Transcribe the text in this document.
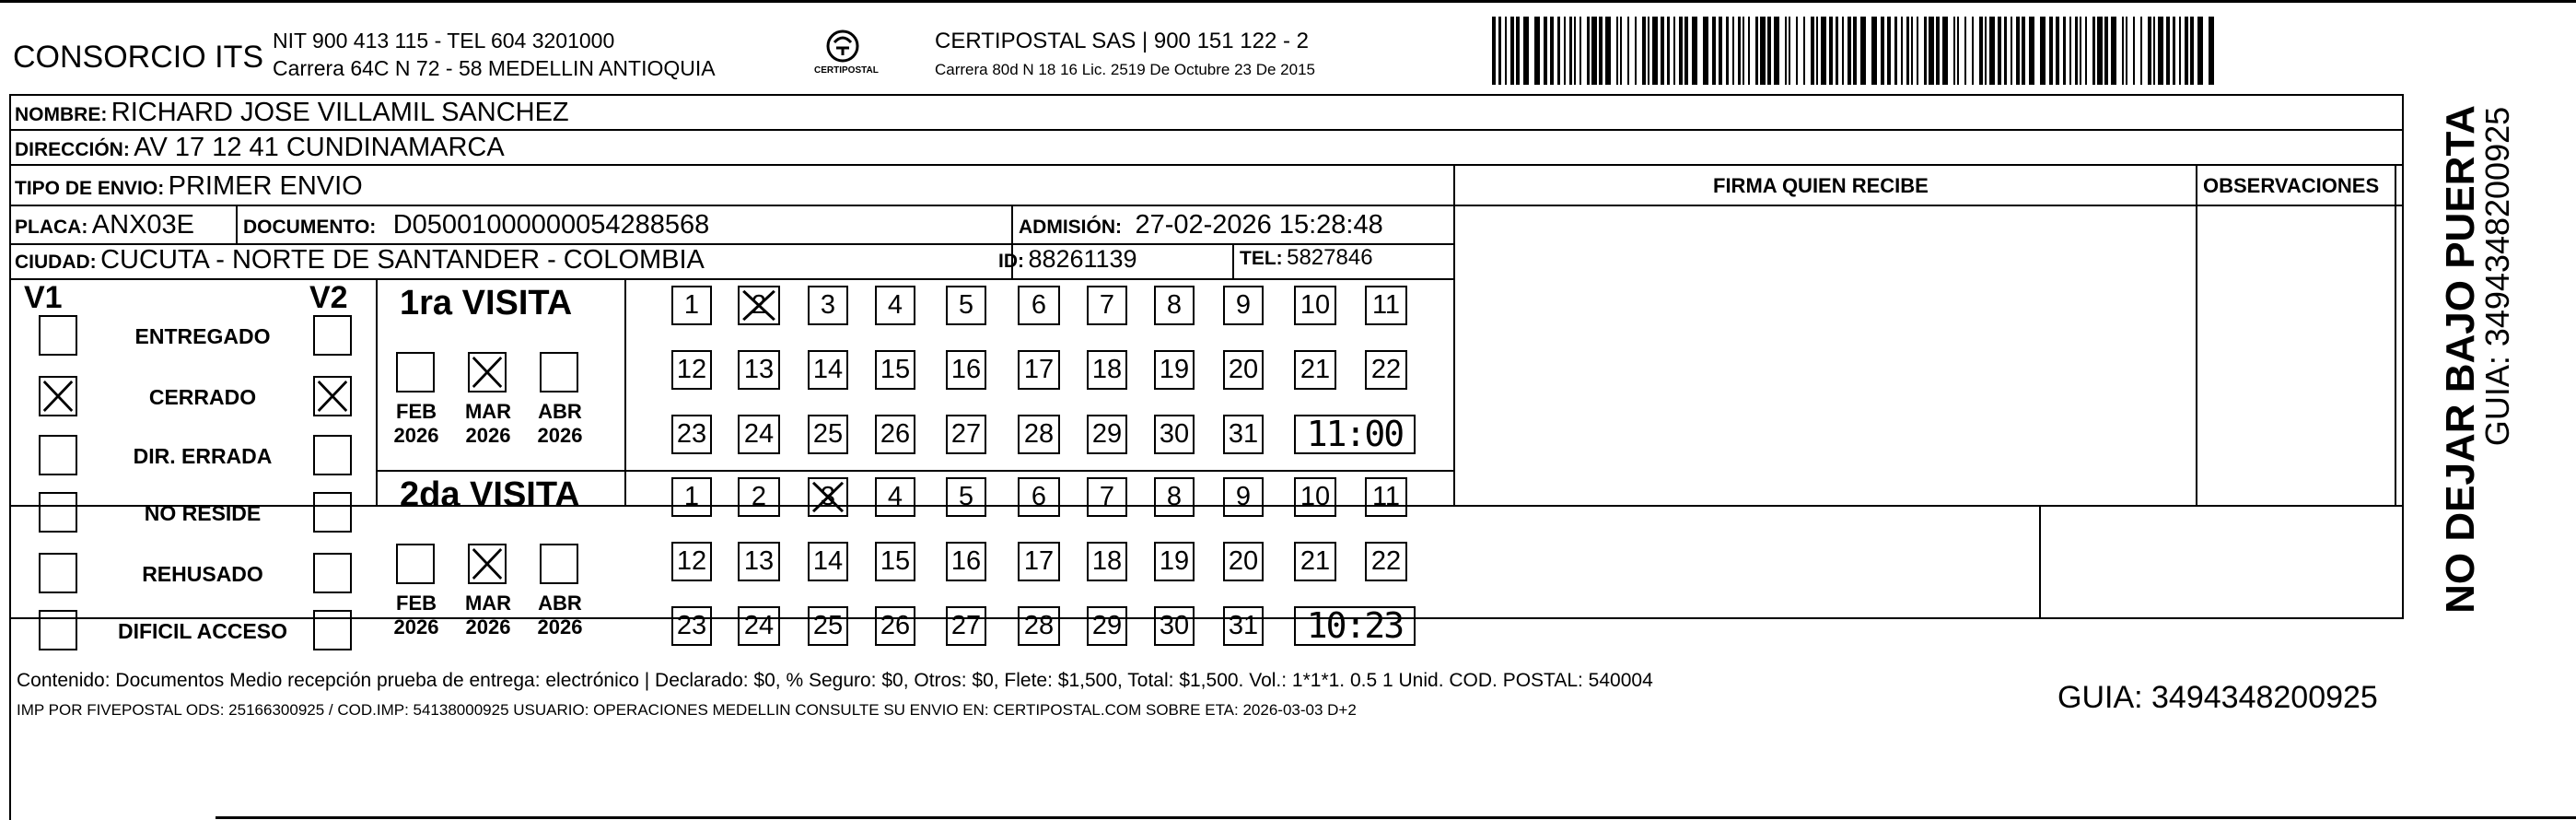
CONSORCIO ITS NIT 900 413 115 - TEL 604 3201000
Carrera 64C N 72 - 58 MEDELLIN ANTIOQUIA	CERTIPOSTAL
CERTIPOSTAL SAS | 900 151 122 - 2
Carrera 80d N 18 16 Lic. 2519 De Octubre 23 De 2015
NOMBRE: RICHARD JOSE VILLAMIL SANCHEZ
DIRECCIÓN: AV 17 12 41 CUNDINAMARCA
TIPO DE ENVIO: PRIMER ENVIO	FIRMA QUIEN RECIBE	OBSERVACIONES
PLACA: ANX03E	DOCUMENTO: D05001000000054288568	ADMISIÓN: 27-02-2026 15:28:48
CIUDAD: CUCUTA - NORTE DE SANTANDER - COLOMBIA	ID: 88261139	TEL: 5827846
V1	V2
ENTREGADO
CERRADO
DIR. ERRADA
NO RESIDE
REHUSADO
DIFICIL ACCESO
1ra VISITA
FEB
2026
MAR
2026
ABR
2026
1	2	3	4	5	6	7	8	9	10 11
12 13 14 15 16 17 18 19 20 21 22
23 24 25 26 27 28 29 30 31	11:00
2da VISITA
FEB
2026
MAR
2026
ABR
2026
1	2	3	4	5	6	7	8	9	10 11
12 13 14 15 16 17 18 19 20 21 22
23 24 25 26 27 28 29 30 31	10:23
Contenido: Documentos Medio recepción prueba de entrega: electrónico | Declarado: $0, % Seguro: $0, Otros: $0, Flete: $1,500, Total: $1,500. Vol.: 1*1*1. 0.5 1 Unid. COD. POSTAL: 540004
IMP POR FIVEPOSTAL ODS: 25166300925 / COD.IMP: 54138000925 USUARIO: OPERACIONES MEDELLIN CONSULTE SU ENVIO EN: CERTIPOSTAL.COM SOBRE ETA: 2026-03-03 D+2	GUIA: 3494348200925
NO DEJAR BAJO PUERTA
GUIA: 3494348200925
